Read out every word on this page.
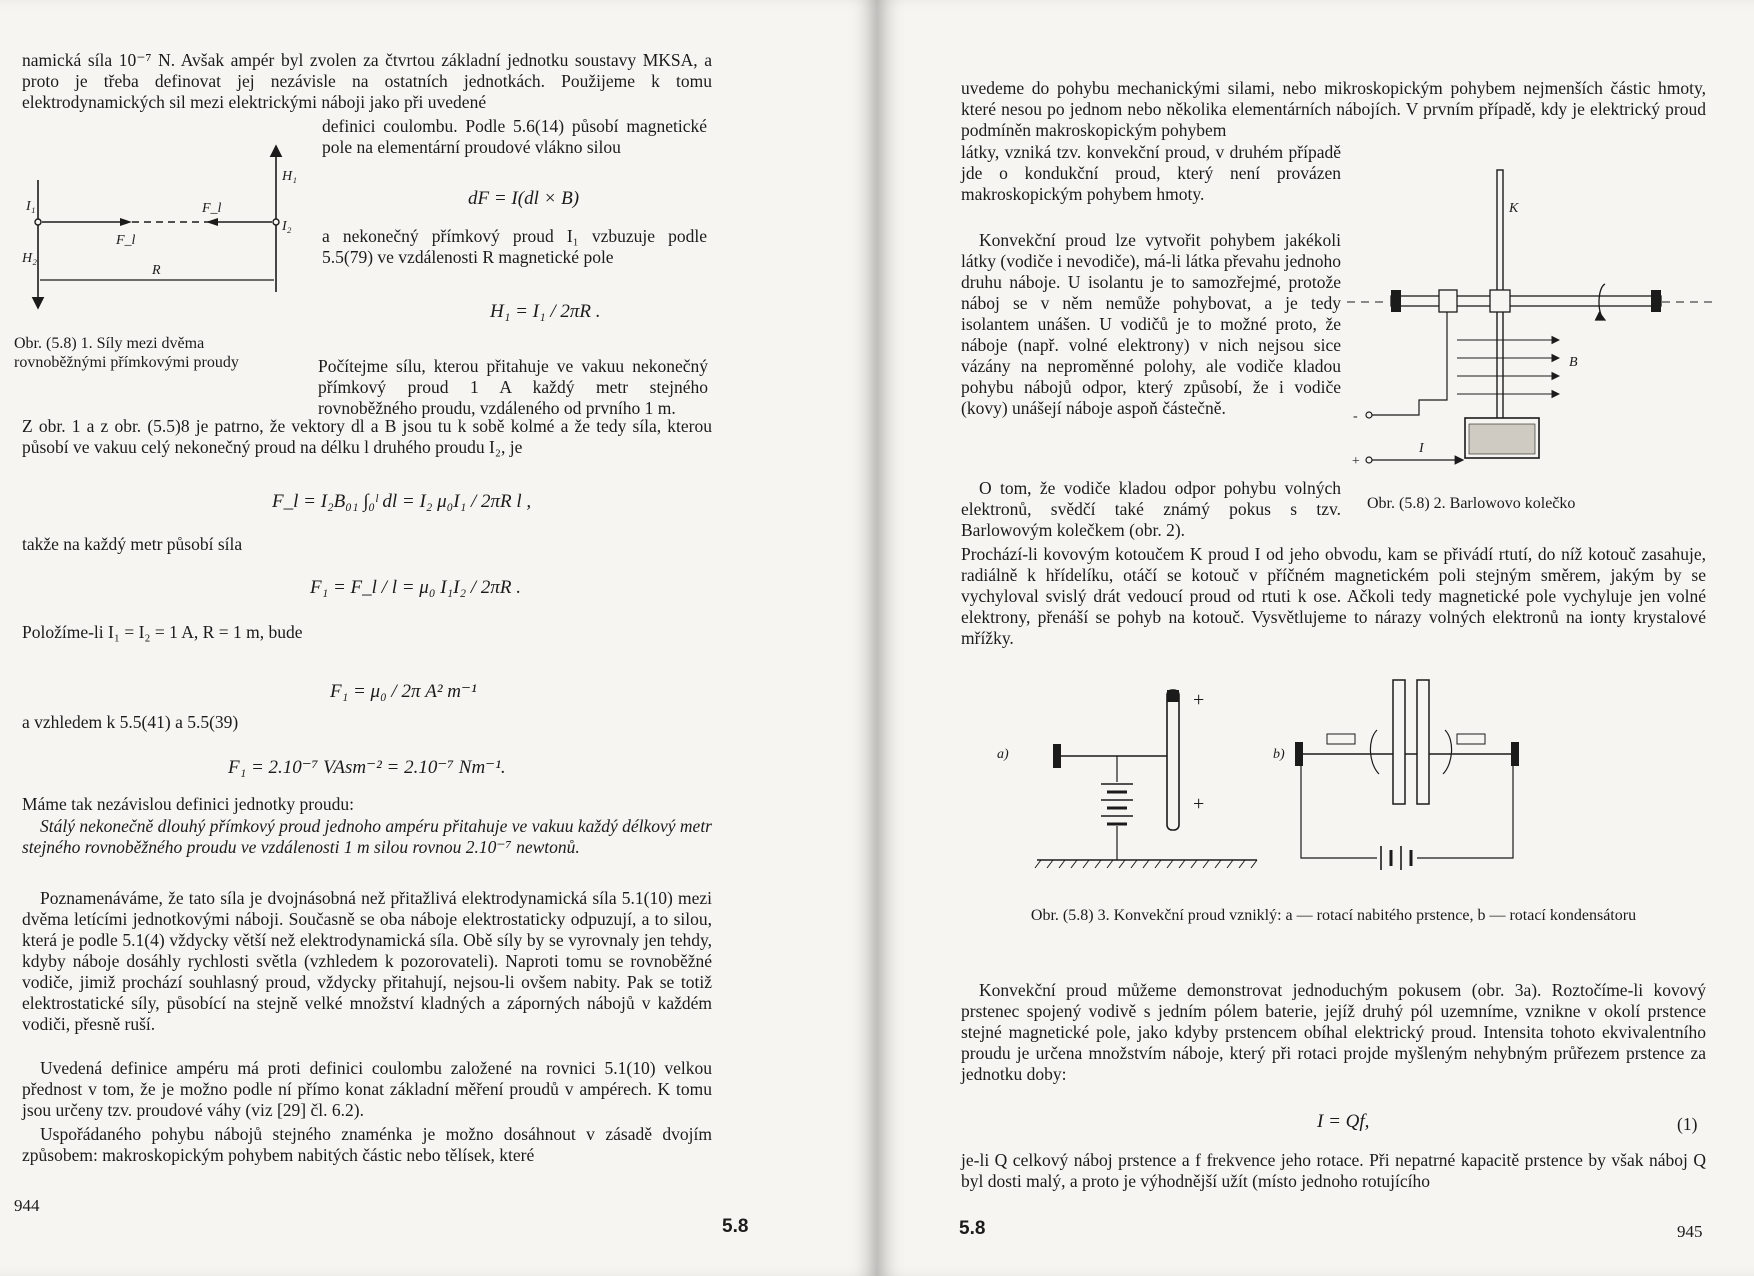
namická síla 10⁻⁷ N. Avšak ampér byl zvolen za čtvrtou základní jednotku soustavy MKSA, a proto je třeba definovat jej nezávisle na ostatních jednotkách. Použijeme k tomu elektrodynamických sil mezi elektrickými náboji jako při uvedené

definici coulombu. Podle 5.6(14) působí magnetické pole na elementární proudové vlákno silou

dF = I(dl × B)
I₁
I₂
H₁
H₂
F_l
F_l
R

a nekonečný přímkový proud I₁ vzbuzuje podle 5.5(79) ve vzdálenosti R magnetické pole

H₁ = I₁ / 2πR .

Obr. (5.8) 1. Síly mezi dvěma rovnoběžnými přímkovými proudy	Počítejme sílu, kterou přitahuje ve vakuu nekonečný přímkový proud 1 A každý metr stejného rovnoběžného proudu, vzdáleného od prvního 1 m.

Z obr. 1 a z obr. (5.5)8 je patrno, že vektory dl a B jsou tu k sobě kolmé a že tedy síla, kterou působí ve vakuu celý nekonečný proud na délku l druhého proudu I₂, je

F_l = I₂B₀₁ ∫₀ˡ dl = I₂ μ₀I₁ / 2πR l ,

takže na každý metr působí síla

F₁ = F_l / l = μ₀ I₁I₂ / 2πR .

Položíme-li I₁ = I₂ = 1 A, R = 1 m, bude

F₁ = μ₀ / 2π A² m⁻¹

a vzhledem k 5.5(41) a 5.5(39)

F₁ = 2.10⁻⁷ VAsm⁻² = 2.10⁻⁷ Nm⁻¹.

Máme tak nezávislou definici jednotky proudu:

Stálý nekonečně dlouhý přímkový proud jednoho ampéru přitahuje ve vakuu každý délkový metr stejného rovnoběžného proudu ve vzdálenosti 1 m silou rovnou 2.10⁻⁷ newtonů.

Poznamenáváme, že tato síla je dvojnásobná než přitažlivá elektrodynamická síla 5.1(10) mezi dvěma letícími jednotkovými náboji. Současně se oba náboje elektrostaticky odpuzují, a to silou, která je podle 5.1(4) vždycky větší než elektrodynamická síla. Obě síly by se vyrovnaly jen tehdy, kdyby náboje dosáhly rychlosti světla (vzhledem k pozorovateli). Naproti tomu se rovnoběžné vodiče, jimiž prochází souhlasný proud, vždycky přitahují, nejsou-li ovšem nabity. Pak se totiž elektrostatické síly, působící na stejně velké množství kladných a záporných nábojů v každém vodiči, přesně ruší.

Uvedená definice ampéru má proti definici coulombu založené na rovnici 5.1(10) velkou přednost v tom, že je možno podle ní přímo konat základní měření proudů v ampérech. K tomu jsou určeny tzv. proudové váhy (viz [29] čl. 6.2).

Uspořádaného pohybu nábojů stejného znaménka je možno dosáhnout v zásadě dvojím způsobem: makroskopickým pohybem nabitých částic nebo tělísek, které

944
5.8

uvedeme do pohybu mechanickými silami, nebo mikroskopickým pohybem nejmenších částic hmoty, které nesou po jednom nebo několika elementárních nábojích. V prvním případě, kdy je elektrický proud podmíněn makroskopickým pohybem

látky, vzniká tzv. konvekční proud, v druhém případě jde o kondukční proud, který není provázen makroskopickým pohybem hmoty.

Konvekční proud lze vytvořit pohybem jakékoli látky (vodiče i nevodiče), má-li látka převahu jednoho druhu náboje. U isolantu je to samozřejmé, protože náboj se v něm nemůže pohybovat, a je tedy isolantem unášen. U vodičů je to možné proto, že náboje (např. volné elektrony) v nich nejsou sice vázány na neproměnné polohy, ale vodiče kladou pohybu nábojů odpor, který způsobí, že i vodiče (kovy) unášejí náboje aspoň částečně.

O tom, že vodiče kladou odpor pohybu volných elektronů, svědčí také známý pokus s tzv. Barlowovým kolečkem (obr. 2).

K
B
I
-
+

Obr. (5.8) 2. Barlowovo kolečko

Prochází-li kovovým kotoučem K proud I od jeho obvodu, kam se přivádí rtutí, do níž kotouč zasahuje, radiálně k hřídelíku, otáčí se kotouč v příčném magnetickém poli stejným směrem, jakým by se vychyloval svislý drát vedoucí proud od rtuti k ose. Ačkoli tedy magnetické pole vychyluje jen volné elektrony, přenáší se pohyb na kotouč. Vysvětlujeme to nárazy volných elektronů na ionty krystalové mřížky.

a)
+
+
b)

Obr. (5.8) 3. Konvekční proud vzniklý: a — rotací nabitého prstence, b — rotací kondensátoru

Konvekční proud můžeme demonstrovat jednoduchým pokusem (obr. 3a). Roztočíme-li kovový prstenec spojený vodivě s jedním pólem baterie, jejíž druhý pól uzemníme, vznikne v okolí prstence stejné magnetické pole, jako kdyby prstencem obíhal elektrický proud. Intensita tohoto ekvivalentního proudu je určena množstvím náboje, který při rotaci projde myšleným nehybným průřezem prstence za jednotku doby:

I = Qf,	(1)

je-li Q celkový náboj prstence a f frekvence jeho rotace. Při nepatrné kapacitě prstence by však náboj Q byl dosti malý, a proto je výhodnější užít (místo jednoho rotujícího

5.8	945
